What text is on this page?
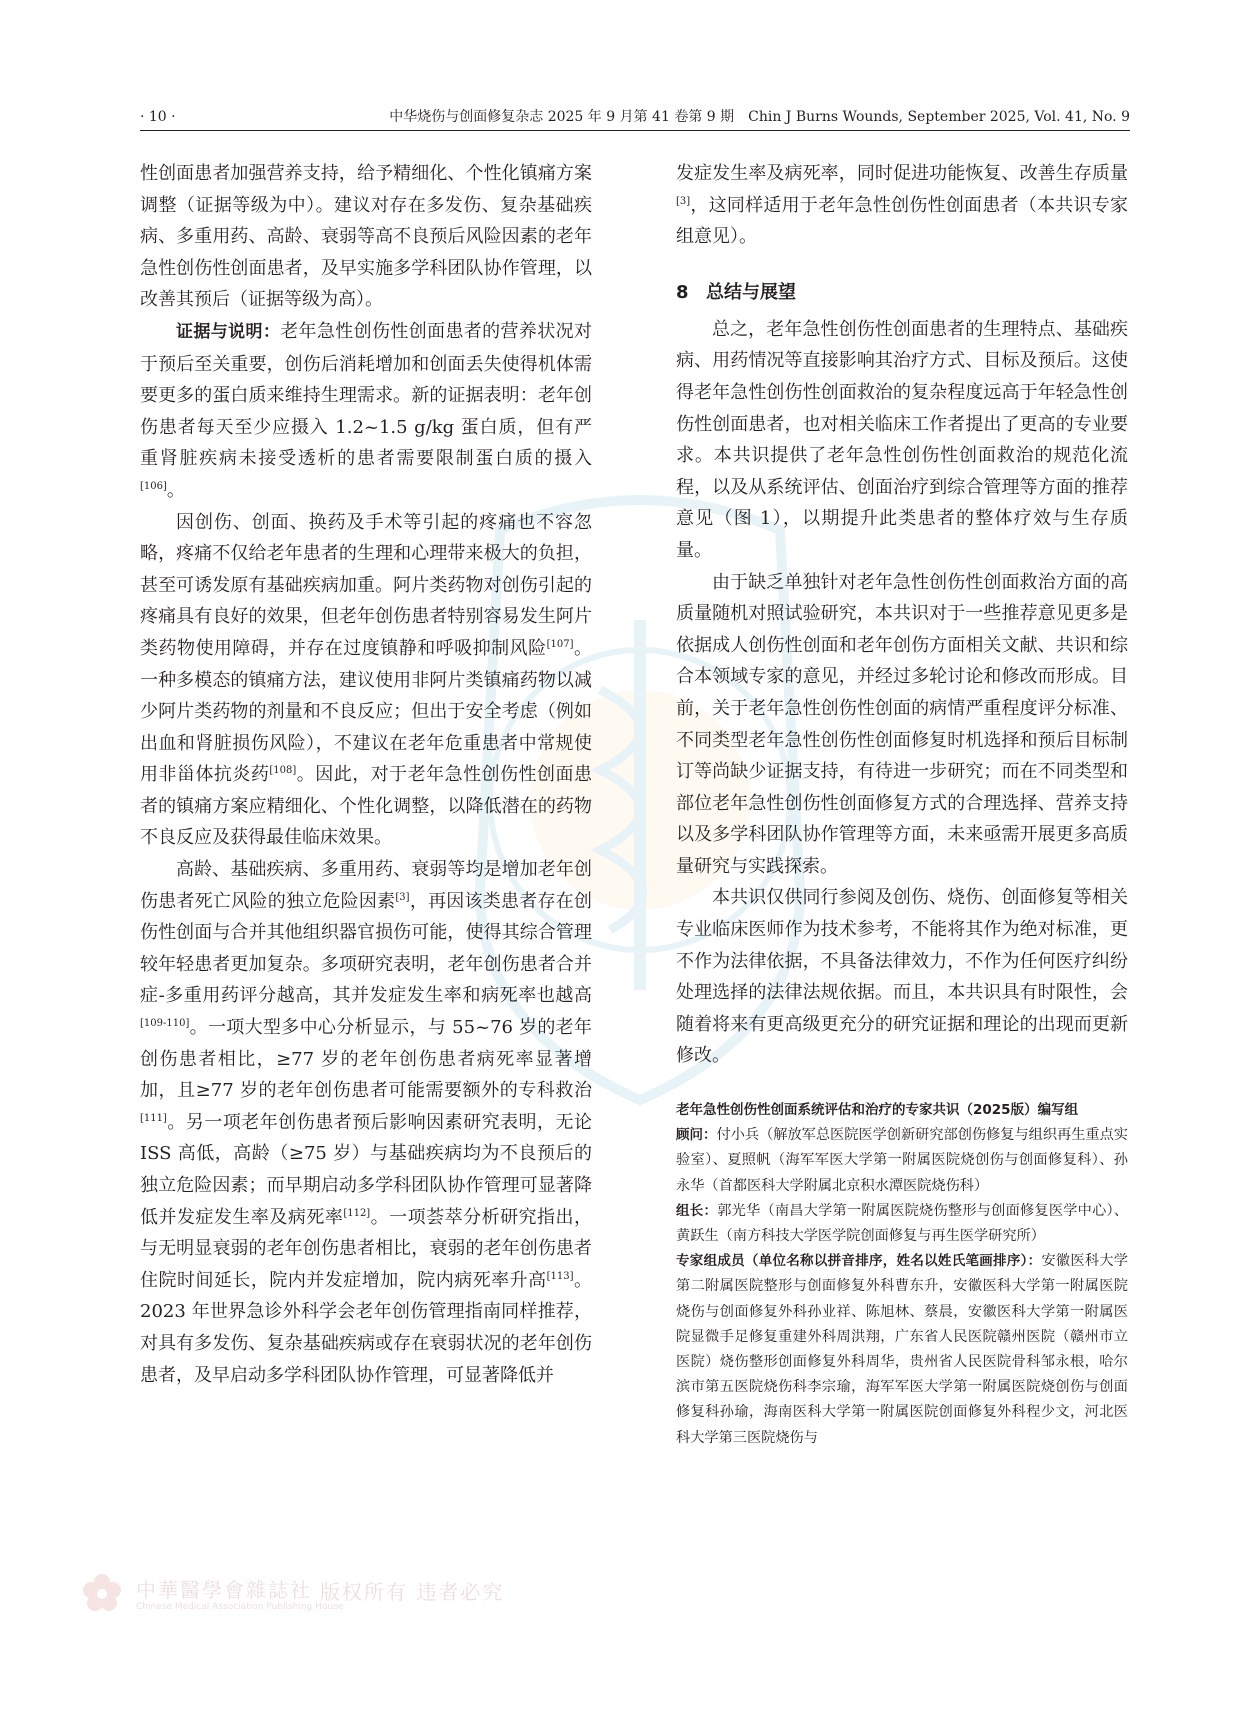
· 10 ·	中华烧伤与创面修复杂志 2025 年 9 月第 41 卷第 9 期　Chin J Burns Wounds, September 2025, Vol. 41, No. 9

性创面患者加强营养支持，给予精细化、个性化镇痛方案调整（证据等级为中）。建议对存在多发伤、复杂基础疾病、多重用药、高龄、衰弱等高不良预后风险因素的老年急性创伤性创面患者，及早实施多学科团队协作管理，以改善其预后（证据等级为高）。

证据与说明：老年急性创伤性创面患者的营养状况对于预后至关重要，创伤后消耗增加和创面丢失使得机体需要更多的蛋白质来维持生理需求。新的证据表明：老年创伤患者每天至少应摄入 1.2~1.5 g/kg 蛋白质，但有严重肾脏疾病未接受透析的患者需要限制蛋白质的摄入[106]。

因创伤、创面、换药及手术等引起的疼痛也不容忽略，疼痛不仅给老年患者的生理和心理带来极大的负担，甚至可诱发原有基础疾病加重。阿片类药物对创伤引起的疼痛具有良好的效果，但老年创伤患者特别容易发生阿片类药物使用障碍，并存在过度镇静和呼吸抑制风险[107]。一种多模态的镇痛方法，建议使用非阿片类镇痛药物以减少阿片类药物的剂量和不良反应；但出于安全考虑（例如出血和肾脏损伤风险），不建议在老年危重患者中常规使用非甾体抗炎药[108]。因此，对于老年急性创伤性创面患者的镇痛方案应精细化、个性化调整，以降低潜在的药物不良反应及获得最佳临床效果。

高龄、基础疾病、多重用药、衰弱等均是增加老年创伤患者死亡风险的独立危险因素[3]，再因该类患者存在创伤性创面与合并其他组织器官损伤可能，使得其综合管理较年轻患者更加复杂。多项研究表明，老年创伤患者合并症-多重用药评分越高，其并发症发生率和病死率也越高[109-110]。一项大型多中心分析显示，与 55~76 岁的老年创伤患者相比，≥77 岁的老年创伤患者病死率显著增加，且≥77 岁的老年创伤患者可能需要额外的专科救治[111]。另一项老年创伤患者预后影响因素研究表明，无论 ISS 高低，高龄（≥75 岁）与基础疾病均为不良预后的独立危险因素；而早期启动多学科团队协作管理可显著降低并发症发生率及病死率[112]。一项荟萃分析研究指出，与无明显衰弱的老年创伤患者相比，衰弱的老年创伤患者住院时间延长，院内并发症增加，院内病死率升高[113]。2023 年世界急诊外科学会老年创伤管理指南同样推荐，对具有多发伤、复杂基础疾病或存在衰弱状况的老年创伤患者，及早启动多学科团队协作管理，可显著降低并

发症发生率及病死率，同时促进功能恢复、改善生存质量[3]，这同样适用于老年急性创伤性创面患者（本共识专家组意见）。

8 总结与展望

总之，老年急性创伤性创面患者的生理特点、基础疾病、用药情况等直接影响其治疗方式、目标及预后。这使得老年急性创伤性创面救治的复杂程度远高于年轻急性创伤性创面患者，也对相关临床工作者提出了更高的专业要求。本共识提供了老年急性创伤性创面救治的规范化流程，以及从系统评估、创面治疗到综合管理等方面的推荐意见（图 1），以期提升此类患者的整体疗效与生存质量。

由于缺乏单独针对老年急性创伤性创面救治方面的高质量随机对照试验研究，本共识对于一些推荐意见更多是依据成人创伤性创面和老年创伤方面相关文献、共识和综合本领域专家的意见，并经过多轮讨论和修改而形成。目前，关于老年急性创伤性创面的病情严重程度评分标准、不同类型老年急性创伤性创面修复时机选择和预后目标制订等尚缺少证据支持，有待进一步研究；而在不同类型和部位老年急性创伤性创面修复方式的合理选择、营养支持以及多学科团队协作管理等方面，未来亟需开展更多高质量研究与实践探索。

本共识仅供同行参阅及创伤、烧伤、创面修复等相关专业临床医师作为技术参考，不能将其作为绝对标准，更不作为法律依据，不具备法律效力，不作为任何医疗纠纷处理选择的法律法规依据。而且，本共识具有时限性，会随着将来有更高级更充分的研究证据和理论的出现而更新修改。

老年急性创伤性创面系统评估和治疗的专家共识（2025版）编写组

顾问：付小兵（解放军总医院医学创新研究部创伤修复与组织再生重点实验室）、夏照帆（海军军医大学第一附属医院烧创伤与创面修复科）、孙永华（首都医科大学附属北京积水潭医院烧伤科）

组长：郭光华（南昌大学第一附属医院烧伤整形与创面修复医学中心）、黄跃生（南方科技大学医学院创面修复与再生医学研究所）

专家组成员（单位名称以拼音排序，姓名以姓氏笔画排序）：安徽医科大学第二附属医院整形与创面修复外科曹东升，安徽医科大学第一附属医院烧伤与创面修复外科孙业祥、陈旭林、蔡晨，安徽医科大学第一附属医院显微手足修复重建外科周洪翔，广东省人民医院赣州医院（赣州市立医院）烧伤整形创面修复外科周华，贵州省人民医院骨科邹永根，哈尔滨市第五医院烧伤科李宗瑜，海军军医大学第一附属医院烧创伤与创面修复科孙瑜，海南医科大学第一附属医院创面修复外科程少文，河北医科大学第三医院烧伤与

中華醫學會雜誌社
Chinese Medical Association Publishing House
版权所有 违者必究
